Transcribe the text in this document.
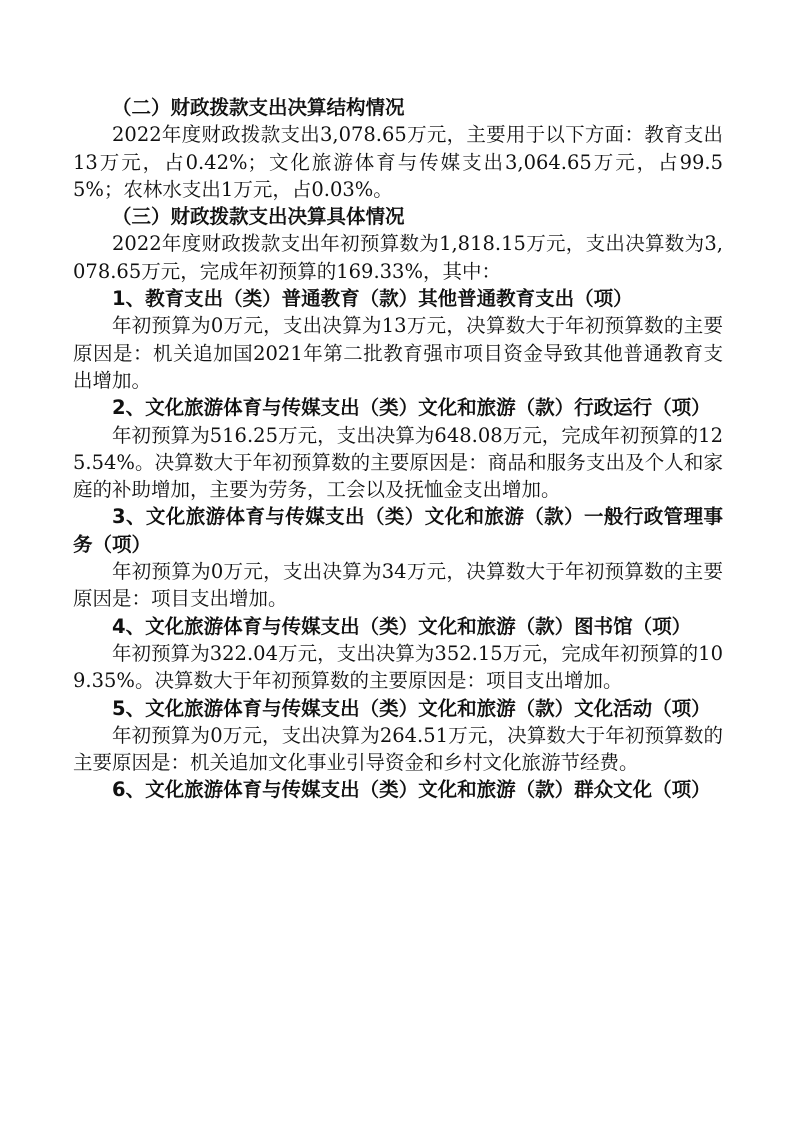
（二）财政拨款支出决算结构情况

2022年度财政拨款支出3,078.65万元，主要用于以下方面：教育支出13万元，占0.42%；文化旅游体育与传媒支出3,064.65万元，占99.55%；农林水支出1万元，占0.03%。

（三）财政拨款支出决算具体情况

2022年度财政拨款支出年初预算数为1,818.15万元，支出决算数为3,078.65万元，完成年初预算的169.33%，其中：

1、教育支出（类）普通教育（款）其他普通教育支出（项）

年初预算为0万元，支出决算为13万元，决算数大于年初预算数的主要原因是：机关追加国2021年第二批教育强市项目资金导致其他普通教育支出增加。

2、文化旅游体育与传媒支出（类）文化和旅游（款）行政运行（项）

年初预算为516.25万元，支出决算为648.08万元，完成年初预算的125.54%。决算数大于年初预算数的主要原因是：商品和服务支出及个人和家庭的补助增加，主要为劳务，工会以及抚恤金支出增加。

3、文化旅游体育与传媒支出（类）文化和旅游（款）一般行政管理事务（项）

年初预算为0万元，支出决算为34万元，决算数大于年初预算数的主要原因是：项目支出增加。

4、文化旅游体育与传媒支出（类）文化和旅游（款）图书馆（项）

年初预算为322.04万元，支出决算为352.15万元，完成年初预算的109.35%。决算数大于年初预算数的主要原因是：项目支出增加。

5、文化旅游体育与传媒支出（类）文化和旅游（款）文化活动（项）

年初预算为0万元，支出决算为264.51万元，决算数大于年初预算数的主要原因是：机关追加文化事业引导资金和乡村文化旅游节经费。

6、文化旅游体育与传媒支出（类）文化和旅游（款）群众文化（项）
